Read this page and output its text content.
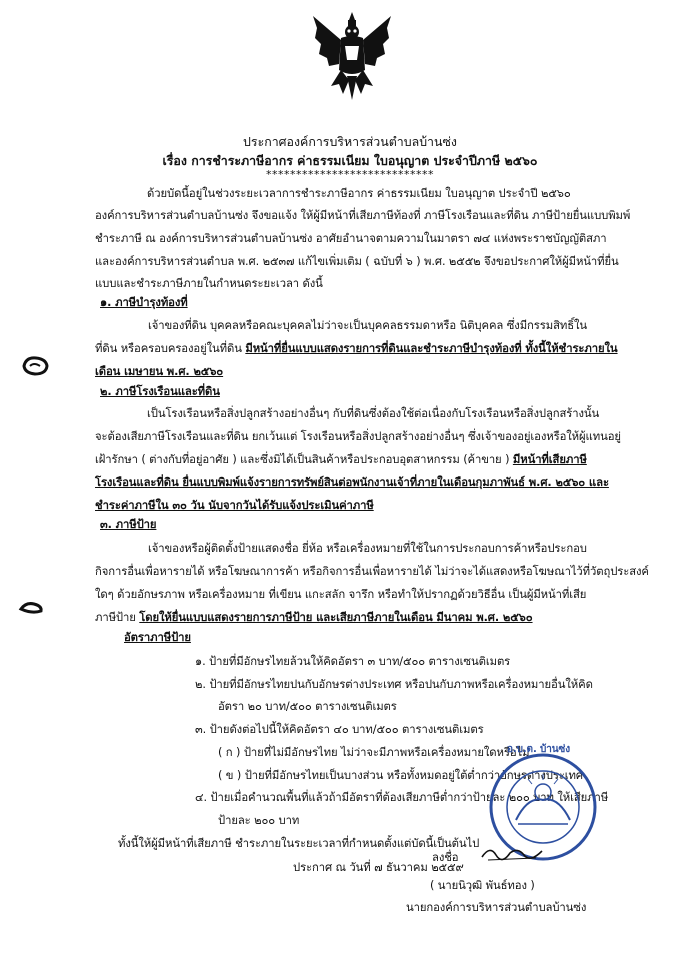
ประกาศองค์การบริหารส่วนตำบลบ้านซ่ง
เรื่อง การชำระภาษีอากร ค่าธรรมเนียม ใบอนุญาต ประจำปีภาษี ๒๕๖๐
****************************
ด้วยบัดนี้อยู่ในช่วงระยะเวลาการชำระภาษีอากร ค่าธรรมเนียม ใบอนุญาต ประจำปี ๒๕๖๐
องค์การบริหารส่วนตำบลบ้านซ่ง จึงขอแจ้ง ให้ผู้มีหน้าที่เสียภาษีท้องที่ ภาษีโรงเรือนและที่ดิน ภาษีป้ายยื่นแบบพิมพ์
ชำระภาษี ณ องค์การบริหารส่วนตำบลบ้านซ่ง อาศัยอำนาจตามความในมาตรา ๗๔ แห่งพระราชบัญญัติสภา
และองค์การบริหารส่วนตำบล พ.ศ. ๒๕๓๗ แก้ไขเพิ่มเติม ( ฉบับที่ ๖ ) พ.ศ. ๒๕๕๒ จึงขอประกาศให้ผู้มีหน้าที่ยื่น
แบบและชำระภาษีภายในกำหนดระยะเวลา ดังนี้
๑. ภาษีบำรุงท้องที่
เจ้าของที่ดิน บุคคลหรือคณะบุคคลไม่ว่าจะเป็นบุคคลธรรมดาหรือ นิติบุคคล ซึ่งมีกรรมสิทธิ์ใน
ที่ดิน หรือครอบครองอยู่ในที่ดิน มีหน้าที่ยื่นแบบแสดงรายการที่ดินและชำระภาษีบำรุงท้องที่ ทั้งนี้ให้ชำระภายใน
เดือน เมษายน พ.ศ. ๒๕๖๐
๒. ภาษีโรงเรือนและที่ดิน
เป็นโรงเรือนหรือสิ่งปลูกสร้างอย่างอื่นๆ กับที่ดินซึ่งต้องใช้ต่อเนื่องกับโรงเรือนหรือสิ่งปลูกสร้างนั้น
จะต้องเสียภาษีโรงเรือนและที่ดิน ยกเว้นแต่ โรงเรือนหรือสิ่งปลูกสร้างอย่างอื่นๆ ซึ่งเจ้าของอยู่เองหรือให้ผู้แทนอยู่
เฝ้ารักษา ( ต่างกับที่อยู่อาศัย ) และซึ่งมิได้เป็นสินค้าหรือประกอบอุตสาหกรรม (ค้าขาย ) มีหน้าที่เสียภาษี
โรงเรือนและที่ดิน ยื่นแบบพิมพ์แจ้งรายการทรัพย์สินต่อพนักงานเจ้าที่ภายในเดือนกุมภาพันธ์ พ.ศ. ๒๕๖๐ และ
ชำระค่าภาษีใน ๓๐ วัน นับจากวันได้รับแจ้งประเมินค่าภาษี
๓. ภาษีป้าย
เจ้าของหรือผู้ติดตั้งป้ายแสดงชื่อ ยี่ห้อ หรือเครื่องหมายที่ใช้ในการประกอบการค้าหรือประกอบ
กิจการอื่นเพื่อหารายได้ หรือโฆษณาการค้า หรือกิจการอื่นเพื่อหารายได้ ไม่ว่าจะได้แสดงหรือโฆษณาไว้ที่วัตถุประสงค์
ใดๆ ด้วยอักษรภาพ หรือเครื่องหมาย ที่เขียน แกะสลัก จารึก หรือทำให้ปรากฏด้วยวิธีอื่น เป็นผู้มีหน้าที่เสีย
ภาษีป้าย โดยให้ยื่นแบบแสดงรายการภาษีป้าย และเสียภาษีภายในเดือน มีนาคม พ.ศ. ๒๕๖๐
อัตราภาษีป้าย
๑. ป้ายที่มีอักษรไทยล้วนให้คิดอัตรา ๓ บาท/๕๐๐ ตารางเซนติเมตร
๒. ป้ายที่มีอักษรไทยปนกับอักษรต่างประเทศ หรือปนกับภาพหรือเครื่องหมายอื่นให้คิด
อัตรา ๒๐ บาท/๕๐๐ ตารางเซนติเมตร
๓. ป้ายดังต่อไปนี้ให้คิดอัตรา ๔๐ บาท/๕๐๐ ตารางเซนติเมตร
( ก ) ป้ายที่ไม่มีอักษรไทย ไม่ว่าจะมีภาพหรือเครื่องหมายใดหรือไม่
( ข ) ป้ายที่มีอักษรไทยเป็นบางส่วน หรือทั้งหมดอยู่ใต้ต่ำกว่าอักษรต่างประเทศ
๔. ป้ายเมื่อคำนวณพื้นที่แล้วถ้ามีอัตราที่ต้องเสียภาษีต่ำกว่าป้ายละ ๒๐๐ บาท ให้เสียภาษี
ป้ายละ ๒๐๐ บาท
ทั้งนี้ให้ผู้มีหน้าที่เสียภาษี ชำระภายในระยะเวลาที่กำหนดตั้งแต่บัดนี้เป็นต้นไป
ประกาศ ณ วันที่ ๗ ธันวาคม ๒๕๕๙
อ.บ.ต. บ้านซ่ง
ลงชื่อ
( นายนิวุฒิ พันธ์ทอง )
นายกองค์การบริหารส่วนตำบลบ้านซ่ง
